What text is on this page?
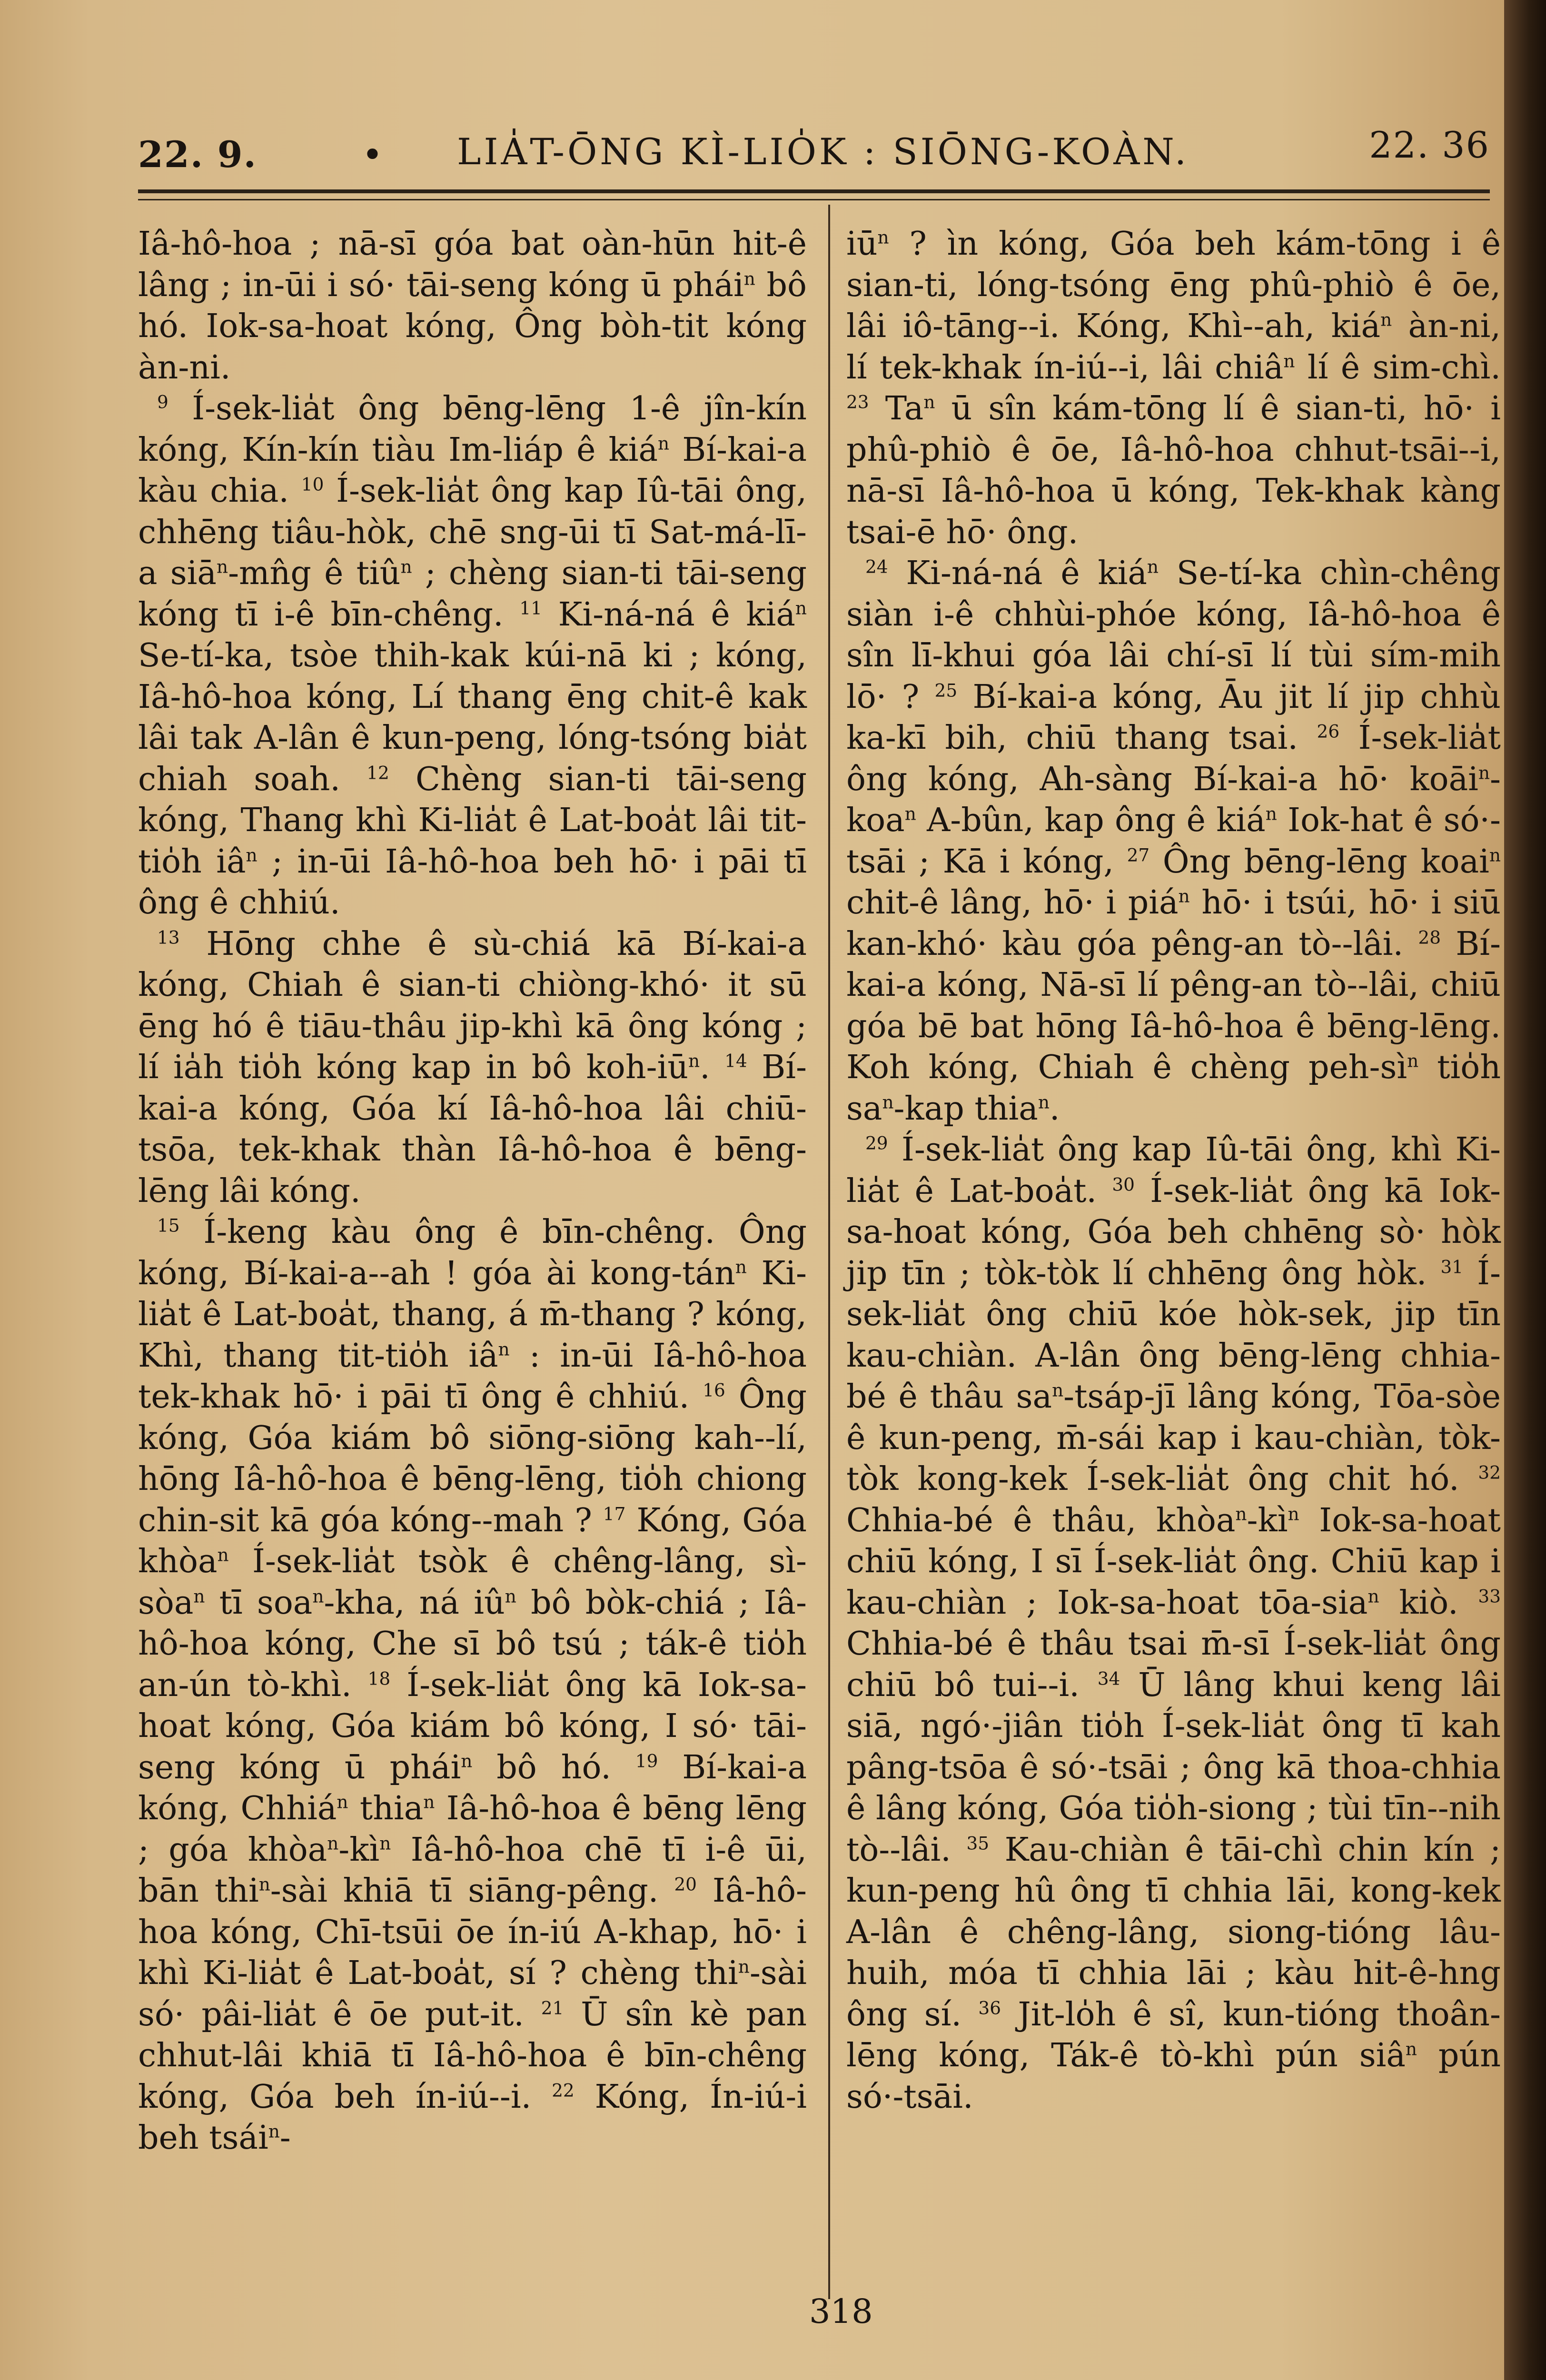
22. 9.	• LIA̍T-ŌNG KÌ-LIO̍K : SIŌNG-KOÀN.	22. 36

Iâ-hô-hoa ; nā-sī góa bat oàn-hūn hit-ê lâng ; in-ūi i só· tāi-seng kóng ū phái$^n$ bô hó. Iok-sa-hoat kóng, Ông bòh-tit kóng àn-ni.

$^9$ Í-sek-lia̍t ông bēng-lēng 1-ê jîn-kín kóng, Kín-kín tiàu Im-liáp ê kiá$^n$ Bí-kai-a kàu chia. $^{10}$ Í-sek-lia̍t ông kap Iû-tāi ông, chhēng tiâu-hòk, chē sng-ūi tī Sat-má-lī-a siā$^n$-mn̂g ê tiû$^n$ ; chèng sian-ti tāi-seng kóng tī i-ê bīn-chêng. $^{11}$ Ki-ná-ná ê kiá$^n$ Se-tí-ka, tsòe thih-kak kúi-nā ki ; kóng, Iâ-hô-hoa kóng, Lí thang ēng chit-ê kak lâi tak A-lân ê kun-peng, lóng-tsóng bia̍t chiah soah. $^{12}$ Chèng sian-ti tāi-seng kóng, Thang khì Ki-lia̍t ê Lat-boa̍t lâi tit-tio̍h $iâ^n$ ; in-ūi Iâ-hô-hoa beh hō· i pāi tī ông ê chhiú.

$^{13}$ Hōng chhe ê sù-chiá kā Bí-kai-a kóng, Chiah ê sian-ti chiòng-khó· it sū ēng hó ê tiāu-thâu jip-khì kā ông kóng ; lí ia̍h tio̍h kóng kap in bô koh-$iū^n$. $^{14}$ Bí-kai-a kóng, Góa kí Iâ-hô-hoa lâi chiū-tsōa, tek-khak thàn Iâ-hô-hoa ê bēng-lēng lâi kóng.

$^{15}$ Í-keng kàu ông ê bīn-chêng. Ông kóng, Bí-kai-a--ah ! góa ài kong-tán$^n$ Ki-lia̍t ê Lat-boa̍t, thang, á m̄-thang ? kóng, Khì, thang tit-tio̍h $iâ^n$ : in-ūi Iâ-hô-hoa tek-khak hō· i pāi tī ông ê chhiú. $^{16}$ Ông kóng, Góa kiám bô siōng-siōng kah--lí, hōng Iâ-hô-hoa ê bēng-lēng, tio̍h chiong chin-sit kā góa kóng--mah ? $^{17}$ Kóng, Góa khòa$^n$ Í-sek-lia̍t tsòk ê chêng-lâng, sì-sòa$^n$ tī soa$^n$-kha, ná $iû^n$ bô bòk-chiá ; Iâ-hô-hoa kóng, Che sī bô tsú ; ták-ê tio̍h an-ún tò-khì. $^{18}$ Í-sek-lia̍t ông kā Iok-sa-hoat kóng, Góa kiám bô kóng, I só· tāi-seng kóng ū phái$^n$ bô hó. $^{19}$ Bí-kai-a kóng, Chhiá$^n$ thia$^n$ Iâ-hô-hoa ê bēng lēng ; góa $khòa^n-kì^n$ Iâ-hô-hoa chē tī i-ê ūi, bān thi$^n$-sài khiā tī siāng-pêng. $^{20}$ Iâ-hô-hoa kóng, Chī-tsūi ōe ín-iú A-khap, hō· i khì Ki-lia̍t ê Lat-boa̍t, sí ? chèng thi$^n$-sài só· pâi-lia̍t ê ōe put-it. $^{21}$ Ū sîn kè pan chhut-lâi khiā tī Iâ-hô-hoa ê bīn-chêng kóng, Góa beh ín-iú--i. $^{22}$ Kóng, Ín-iú-i beh tsái$^n$-

$iū^n$ ? ìn kóng, Góa beh kám-tōng i ê sian-ti, lóng-tsóng ēng phû-phiò ê ōe, lâi iô-tāng--i. Kóng, Khì--ah, kiá$^n$ àn-ni, lí tek-khak ín-iú--i, lâi chiâ$^n$ lí ê sim-chì. $^{23}$ Ta$^n$ ū sîn kám-tōng lí ê sian-ti, hō· i phû-phiò ê ōe, Iâ-hô-hoa chhut-tsāi--i, nā-sī Iâ-hô-hoa ū kóng, Tek-khak kàng tsai-ē hō· ông.

$^{24}$ Ki-ná-ná ê kiá$^n$ Se-tí-ka chìn-chêng siàn i-ê chhùi-phóe kóng, Iâ-hô-hoa ê sîn lī-khui góa lâi chí-sī lí tùi sím-mih lō· ? $^{25}$ Bí-kai-a kóng, Āu jit lí jip chhù ka-kī bih, chiū thang tsai. $^{26}$ Í-sek-lia̍t ông kóng, Ah-sàng Bí-kai-a hō· koāi$^n$-koa$^n$ A-bûn, kap ông ê kiá$^n$ Iok-hat ê só·-tsāi ; Kā i kóng, $^{27}$ Ông bēng-lēng koai$^n$ chit-ê lâng, hō· i piá$^n$ hō· i tsúi, hō· i siū kan-khó· kàu góa pêng-an tò--lâi. $^{28}$ Bí-kai-a kóng, Nā-sī lí pêng-an tò--lâi, chiū góa bē bat hōng Iâ-hô-hoa ê bēng-lēng. Koh kóng, Chiah ê chèng peh-$sì^n$ tio̍h $sa^n$-kap thia$^n$.

$^{29}$ Í-sek-lia̍t ông kap Iû-tāi ông, khì Ki-lia̍t ê Lat-boa̍t. $^{30}$ Í-sek-lia̍t ông kā Iok-sa-hoat kóng, Góa beh chhēng sò· hòk jip tīn ; tòk-tòk lí chhēng ông hòk. $^{31}$ Í-sek-lia̍t ông chiū kóe hòk-sek, jip tīn kau-chiàn. A-lân ông bēng-lēng chhia-bé ê thâu $sa^n-tsáp-jī$ lâng kóng, Tōa-sòe ê kun-peng, m̄-sái kap i kau-chiàn, tòk-tòk kong-kek Í-sek-lia̍t ông chit hó. $^{32}$ Chhia-bé ê thâu, $khòa^n-kì^n$ Iok-sa-hoat chiū kóng, I sī Í-sek-lia̍t ông. Chiū kap i kau-chiàn ; Iok-sa-hoat tōa-sia$^n$ kiò. $^{33}$ Chhia-bé ê thâu tsai m̄-sī Í-sek-lia̍t ông chiū bô tui--i. $^{34}$ Ū lâng khui keng lâi siā, ngó·-jiân tio̍h Í-sek-lia̍t ông tī kah pâng-tsōa ê só·-tsāi ; ông kā thoa-chhia ê lâng kóng, Góa tio̍h-siong ; tùi tīn--nih tò--lâi. $^{35}$ Kau-chiàn ê tāi-chì chin kín ; kun-peng hû ông tī chhia lāi, kong-kek A-lân ê chêng-lâng, siong-tióng lâu-huih, móa tī chhia lāi ; kàu hit-ê-hng ông sí. $^{36}$ Jit-lo̍h ê sî, kun-tióng thoân-lēng kóng, Ták-ê tò-khì pún siâ$^n$ pún só·-tsāi.

318
